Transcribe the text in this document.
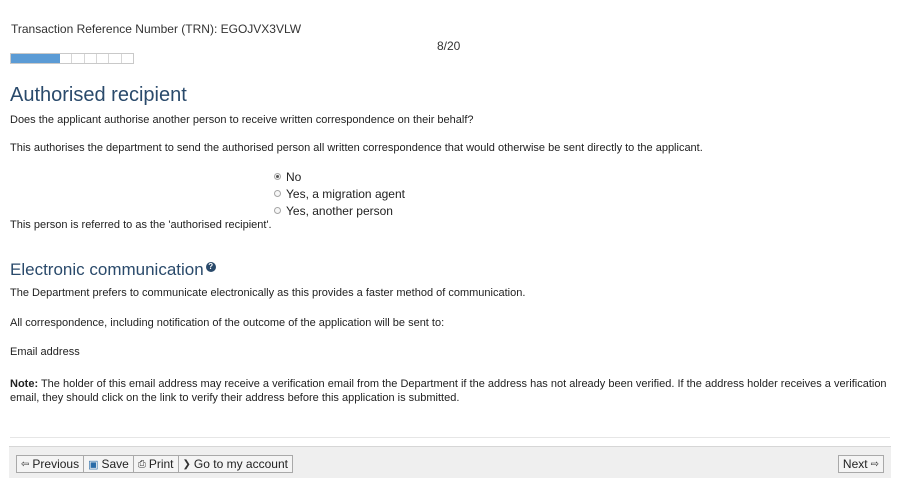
Transaction Reference Number (TRN): EGOJVX3VLW
8/20
Authorised recipient
Does the applicant authorise another person to receive written correspondence on their behalf?
This authorises the department to send the authorised person all written correspondence that would otherwise be sent directly to the applicant.
No
Yes, a migration agent
Yes, another person
This person is referred to as the 'authorised recipient'.
Electronic communication ?
The Department prefers to communicate electronically as this provides a faster method of communication.
All correspondence, including notification of the outcome of the application will be sent to:
Email address
Note: The holder of this email address may receive a verification email from the Department if the address has not already been verified. If the address holder receives a verification email, they should click on the link to verify their address before this application is submitted.
⇦ Previous ▣ Save ⎙ Print ❯ Go to my account	Next ⇨
